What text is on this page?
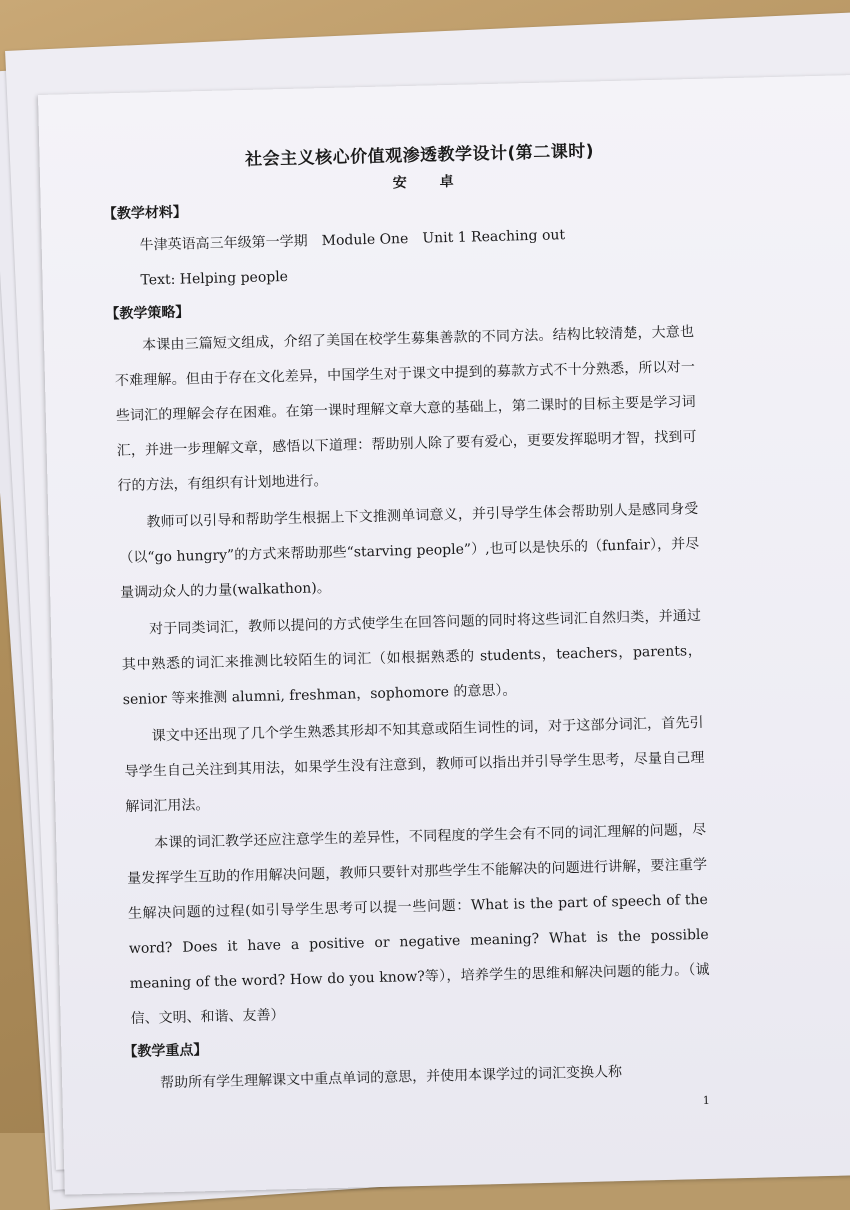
社会主义核心价值观渗透教学设计(第二课时)
安 卓
【教学材料】
牛津英语高三年级第一学期　Module One　Unit 1 Reaching out
Text: Helping people
【教学策略】

本课由三篇短文组成，介绍了美国在校学生募集善款的不同方法。结构比较清楚，大意也不难理解。但由于存在文化差异，中国学生对于课文中提到的募款方式不十分熟悉，所以对一些词汇的理解会存在困难。在第一课时理解文章大意的基础上，第二课时的目标主要是学习词汇，并进一步理解文章，感悟以下道理：帮助别人除了要有爱心，更要发挥聪明才智，找到可行的方法，有组织有计划地进行。

教师可以引导和帮助学生根据上下文推测单词意义，并引导学生体会帮助别人是感同身受（以“go hungry”的方式来帮助那些“starving people”）,也可以是快乐的（funfair），并尽量调动众人的力量(walkathon)。

对于同类词汇，教师以提问的方式使学生在回答问题的同时将这些词汇自然归类，并通过其中熟悉的词汇来推测比较陌生的词汇（如根据熟悉的 students，teachers，parents，senior 等来推测 alumni, freshman，sophomore 的意思）。

课文中还出现了几个学生熟悉其形却不知其意或陌生词性的词，对于这部分词汇，首先引导学生自己关注到其用法，如果学生没有注意到，教师可以指出并引导学生思考，尽量自己理解词汇用法。

本课的词汇教学还应注意学生的差异性，不同程度的学生会有不同的词汇理解的问题，尽量发挥学生互助的作用解决问题，教师只要针对那些学生不能解决的问题进行讲解，要注重学生解决问题的过程(如引导学生思考可以提一些问题：What is the part of speech of the word? Does it have a positive or negative meaning? What is the possible meaning of the word? How do you know?等），培养学生的思维和解决问题的能力。（诚信、文明、和谐、友善）

【教学重点】

帮助所有学生理解课文中重点单词的意思，并使用本课学过的词汇变换人称

1
